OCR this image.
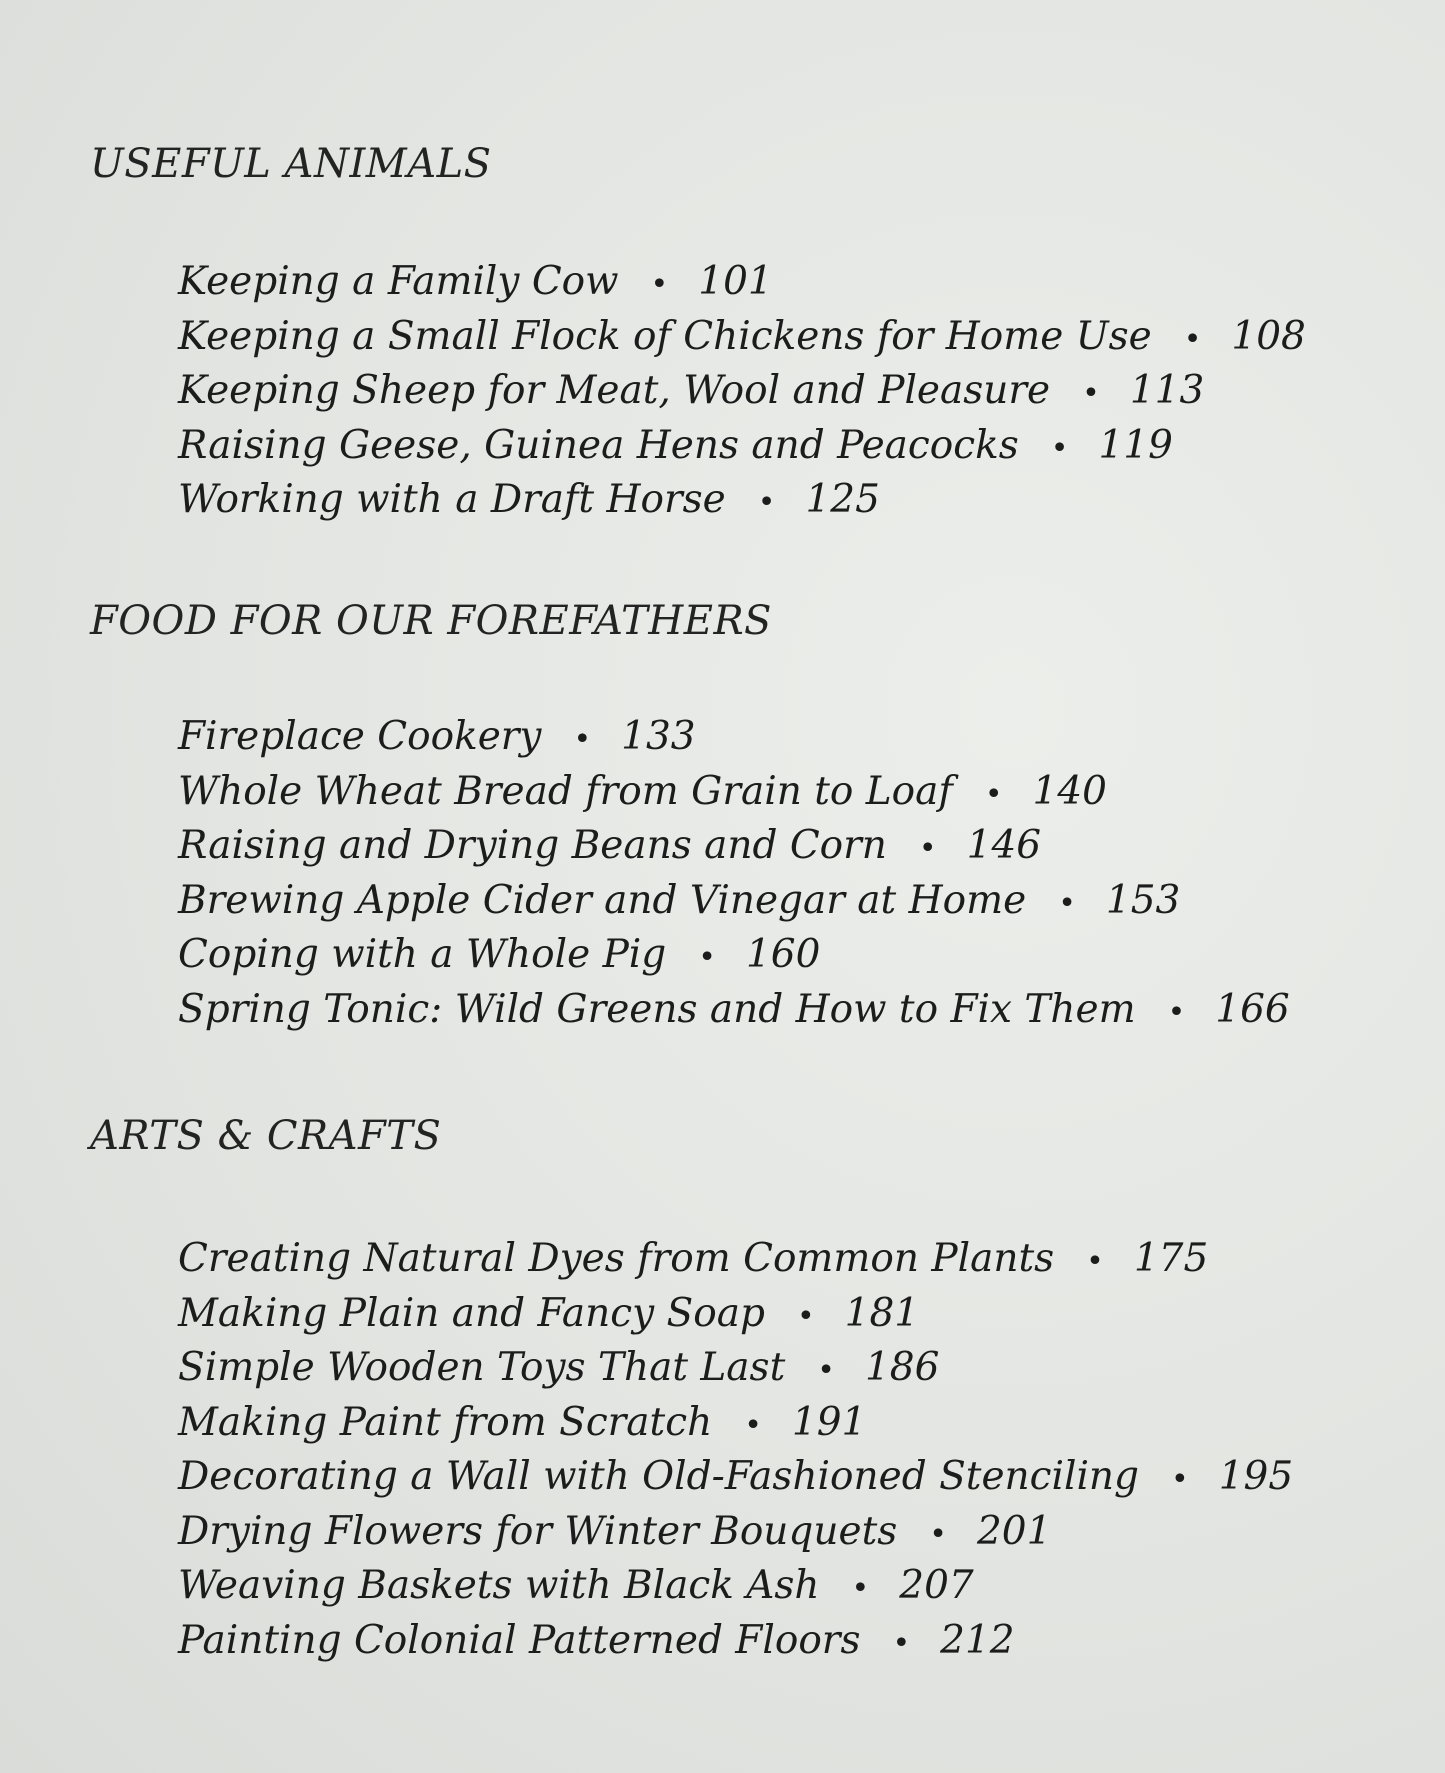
USEFUL ANIMALS
Keeping a Family Cow • 101
Keeping a Small Flock of Chickens for Home Use • 108
Keeping Sheep for Meat, Wool and Pleasure • 113
Raising Geese, Guinea Hens and Peacocks • 119
Working with a Draft Horse • 125
FOOD FOR OUR FOREFATHERS
Fireplace Cookery • 133
Whole Wheat Bread from Grain to Loaf • 140
Raising and Drying Beans and Corn • 146
Brewing Apple Cider and Vinegar at Home • 153
Coping with a Whole Pig • 160
Spring Tonic: Wild Greens and How to Fix Them • 166
ARTS & CRAFTS
Creating Natural Dyes from Common Plants • 175
Making Plain and Fancy Soap • 181
Simple Wooden Toys That Last • 186
Making Paint from Scratch • 191
Decorating a Wall with Old-Fashioned Stenciling • 195
Drying Flowers for Winter Bouquets • 201
Weaving Baskets with Black Ash • 207
Painting Colonial Patterned Floors • 212
